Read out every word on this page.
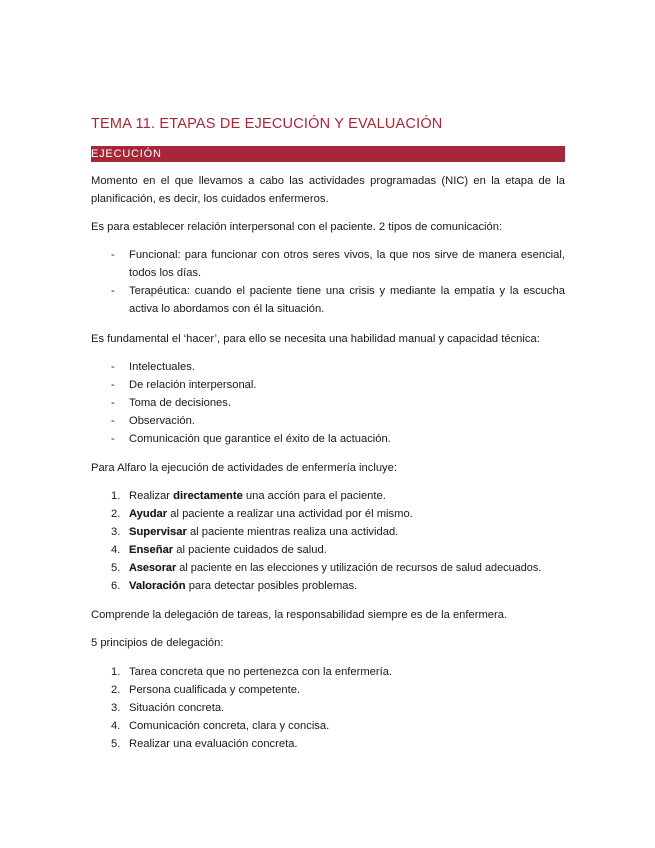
TEMA 11. ETAPAS DE EJECUCIÓN Y EVALUACIÓN
EJECUCIÓN
Momento en el que llevamos a cabo las actividades programadas (NIC) en la etapa de la planificación, es decir, los cuidados enfermeros.
Es para establecer relación interpersonal con el paciente. 2 tipos de comunicación:
- Funcional: para funcionar con otros seres vivos, la que nos sirve de manera esencial, todos los días.
- Terapéutica: cuando el paciente tiene una crisis y mediante la empatía y la escucha activa lo abordamos con él la situación.
Es fundamental el ‘hacer’, para ello se necesita una habilidad manual y capacidad técnica:
- Intelectuales.
- De relación interpersonal.
- Toma de decisiones.
- Observación.
- Comunicación que garantice el éxito de la actuación.
Para Alfaro la ejecución de actividades de enfermería incluye:
1. Realizar directamente una acción para el paciente.
2. Ayudar al paciente a realizar una actividad por él mismo.
3. Supervisar al paciente mientras realiza una actividad.
4. Enseñar al paciente cuidados de salud.
5. Asesorar al paciente en las elecciones y utilización de recursos de salud adecuados.
6. Valoración para detectar posibles problemas.
Comprende la delegación de tareas, la responsabilidad siempre es de la enfermera.
5 principios de delegación:
1. Tarea concreta que no pertenezca con la enfermería.
2. Persona cualificada y competente.
3. Situación concreta.
4. Comunicación concreta, clara y concisa.
5. Realizar una evaluación concreta.
